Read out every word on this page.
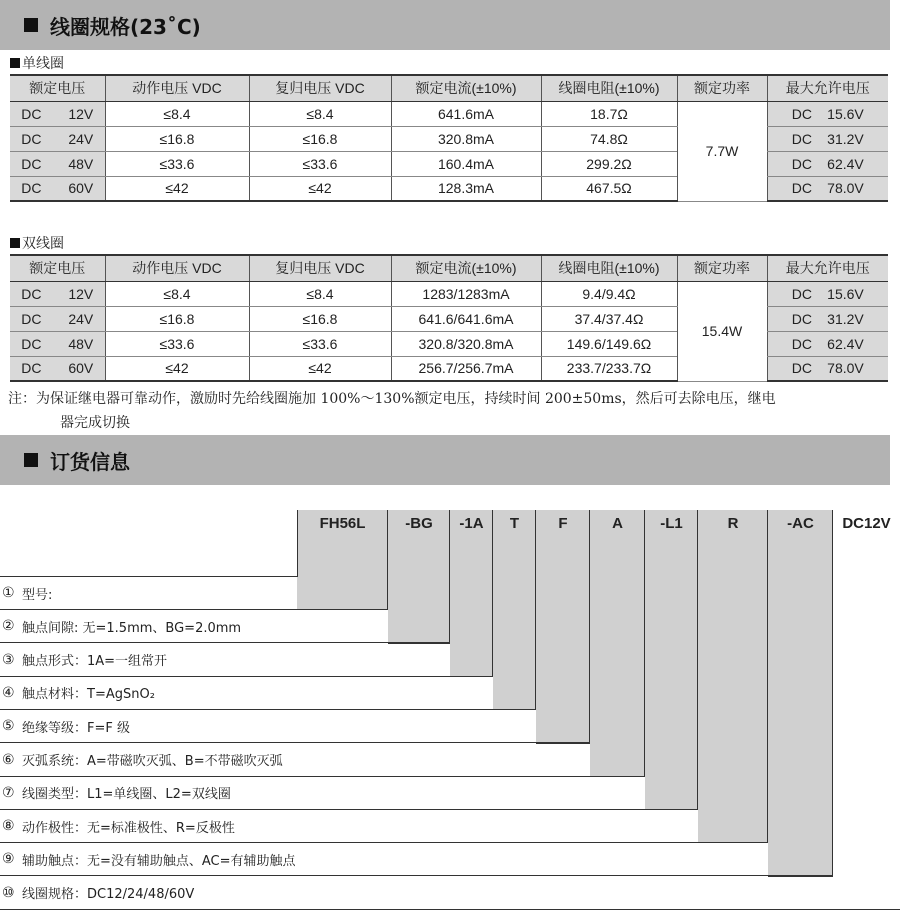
线圈规格(23˚C)
单线圈
额定电压	动作电压 VDC	复归电压 VDC	额定电流(±10%)	线圈电阻(±10%)	额定功率	最大允许电压

DC 12V	≤8.4	≤8.4	641.6mA	18.7Ω	7.7W	DC 15.6V

DC 24V	≤16.8	≤16.8	320.8mA	74.8Ω		DC 31.2V

DC 48V	≤33.6	≤33.6	160.4mA	299.2Ω		DC 62.4V

DC 60V	≤42	≤42	128.3mA	467.5Ω		DC 78.0V
双线圈
额定电压	动作电压 VDC	复归电压 VDC	额定电流(±10%)	线圈电阻(±10%)	额定功率	最大允许电压

DC 12V	≤8.4	≤8.4	1283/1283mA	9.4/9.4Ω	15.4W	DC 15.6V

DC 24V	≤16.8	≤16.8	641.6/641.6mA	37.4/37.4Ω		DC 31.2V

DC 48V	≤33.6	≤33.6	320.8/320.8mA	149.6/149.6Ω		DC 62.4V

DC 60V	≤42	≤42	256.7/256.7mA	233.7/233.7Ω		DC 78.0V
注：为保证继电器可靠动作，激励时先给线圈施加 100%～130%额定电压，持续时间 200±50ms，然后可去除电压，继电
器完成切换
订货信息
① 型号:
② 触点间隙: 无=1.5mm、BG=2.0mm
③ 触点形式：1A=一组常开
④ 触点材料：T=AgSnO₂
⑤ 绝缘等级：F=F 级
⑥ 灭弧系统：A=带磁吹灭弧、B=不带磁吹灭弧
⑦ 线圈类型：L1=单线圈、L2=双线圈
⑧ 动作极性：无=标准极性、R=反极性
⑨ 辅助触点：无=没有辅助触点、AC=有辅助触点
⑩ 线圈规格：DC12/24/48/60V
FH56L	-BG	-1A	T	F	A	-L1	R	-AC	DC12V
